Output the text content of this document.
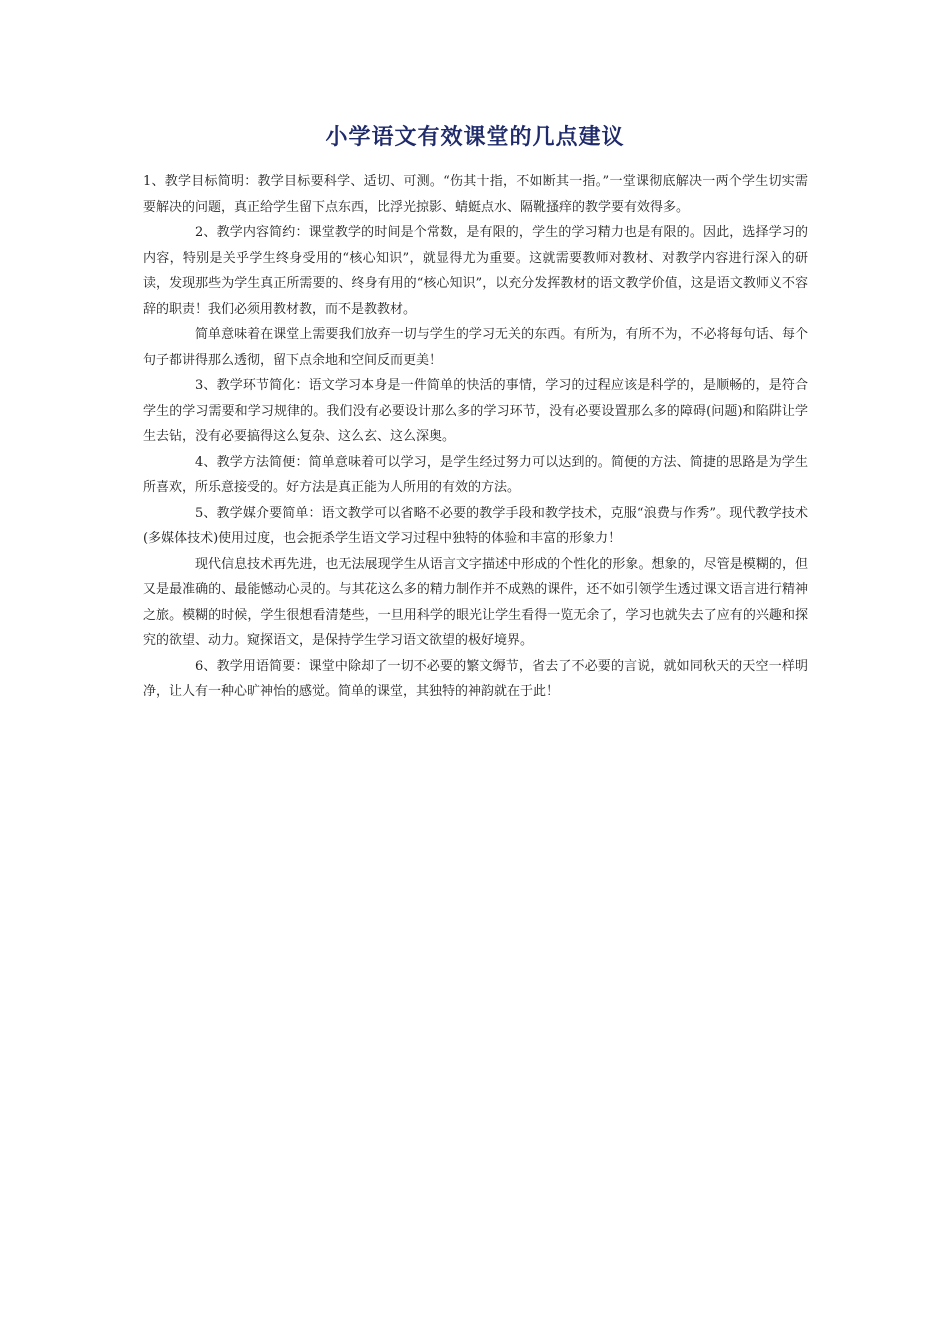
小学语文有效课堂的几点建议

1、教学目标简明：教学目标要科学、适切、可测。“伤其十指，不如断其一指。”一堂课彻底解决一两个学生切实需要解决的问题，真正给学生留下点东西，比浮光掠影、蜻蜓点水、隔靴搔痒的教学要有效得多。

2、教学内容简约：课堂教学的时间是个常数，是有限的，学生的学习精力也是有限的。因此，选择学习的内容，特别是关乎学生终身受用的“核心知识”，就显得尤为重要。这就需要教师对教材、对教学内容进行深入的研读，发现那些为学生真正所需要的、终身有用的“核心知识”，以充分发挥教材的语文教学价值，这是语文教师义不容辞的职责！我们必须用教材教，而不是教教材。

简单意味着在课堂上需要我们放弃一切与学生的学习无关的东西。有所为，有所不为，不必将每句话、每个句子都讲得那么透彻，留下点余地和空间反而更美！

3、教学环节简化：语文学习本身是一件简单的快活的事情，学习的过程应该是科学的，是顺畅的，是符合学生的学习需要和学习规律的。我们没有必要设计那么多的学习环节，没有必要设置那么多的障碍(问题)和陷阱让学生去钻，没有必要搞得这么复杂、这么玄、这么深奥。

4、教学方法简便：简单意味着可以学习，是学生经过努力可以达到的。简便的方法、简捷的思路是为学生所喜欢，所乐意接受的。好方法是真正能为人所用的有效的方法。

5、教学媒介要简单：语文教学可以省略不必要的教学手段和教学技术，克服“浪费与作秀”。现代教学技术(多媒体技术)使用过度，也会扼杀学生语文学习过程中独特的体验和丰富的形象力！

现代信息技术再先进，也无法展现学生从语言文字描述中形成的个性化的形象。想象的，尽管是模糊的，但又是最准确的、最能憾动心灵的。与其花这么多的精力制作并不成熟的课件，还不如引领学生透过课文语言进行精神之旅。模糊的时候，学生很想看清楚些，一旦用科学的眼光让学生看得一览无余了，学习也就失去了应有的兴趣和探究的欲望、动力。窥探语文，是保持学生学习语文欲望的极好境界。

6、教学用语简要：课堂中除却了一切不必要的繁文缛节，省去了不必要的言说，就如同秋天的天空一样明净，让人有一种心旷神怡的感觉。简单的课堂，其独特的神韵就在于此！
